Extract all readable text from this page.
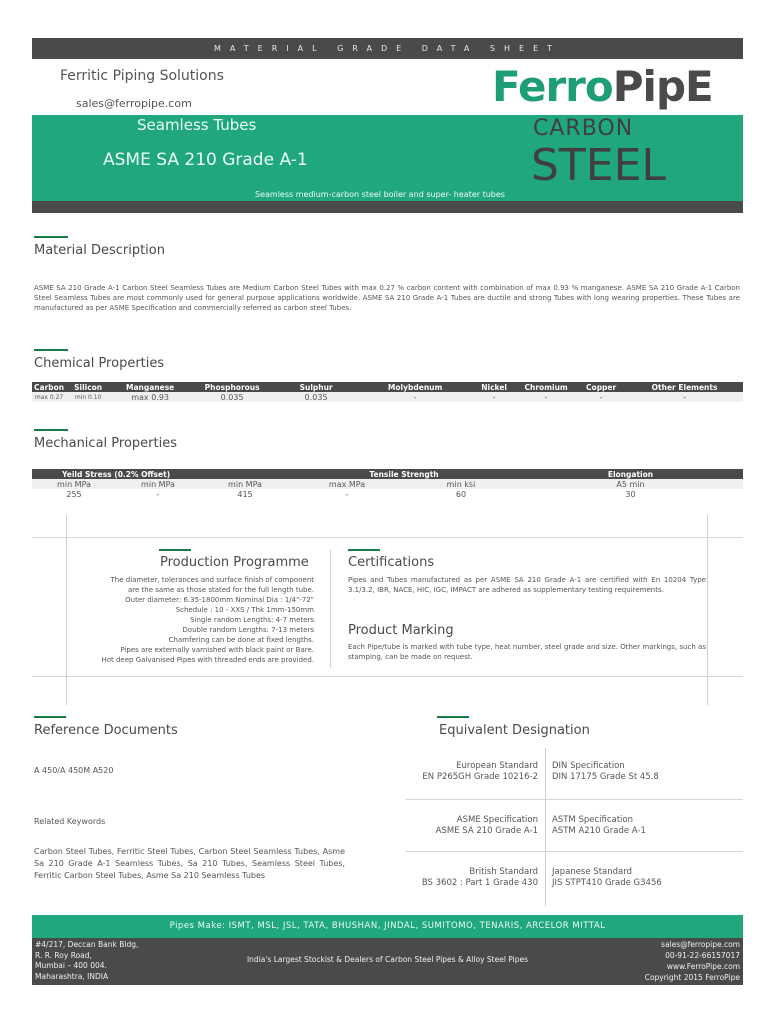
MATERIAL GRADE DATA SHEET
Ferritic Piping Solutions
sales@ferropipe.com	FerroPipE
Seamless Tubes
ASME SA 210 Grade A-1
Seamless medium-carbon steel boiler and super- heater tubes
CARBON
STEEL
Material Description
ASME SA 210 Grade A-1 Carbon Steel Seamless Tubes are Medium Carbon Steel Tubes with max 0.27 % carbon content with combination of max 0.93 % manganese. ASME SA 210 Grade A-1 Carbon Steel Seamless Tubes are most commonly used for general purpose applications worldwide. ASME SA 210 Grade A-1 Tubes are ductile and strong Tubes with long wearing properties. These Tubes are manufactured as per ASME Specification and commercially referred as carbon steel Tubes.
Chemical Properties
Carbon	Silicon	Manganese	Phosphorous	Sulphur	Molybdenum	Nickel	Chromium	Copper	Other Elements
max 0.27	min 0.10	max 0.93	0.035	0.035	-	-	-	-	-
Mechanical Properties
Yeild Stress (0.2% Offset)			Tensile Strength		Elongation
min MPa	min MPa	min MPa	max MPa	min ksi	A5 min
255	-	415	-	60	30
Production Programme
The diameter, tolerances and surface finish of component
are the same as those stated for the full length tube.
Outer diameter: 6.35-1800mm Nominal Dia : 1/4"-72"
Schedule : 10 - XXS / Thk 1mm-150mm
Single random Lengths: 4-7 meters
Double random Lengths: 7-13 meters
Chamfering can be done at fixed lengths.
Pipes are externally varnished with black paint or Bare.
Hot deep Galvanised Pipes with threaded ends are provided.
Certifications
Pipes and Tubes manufactured as per ASME SA 210 Grade A-1 are certified with En 10204 Type 3.1/3.2, IBR, NACE, HIC, IGC, IMPACT are adhered as supplementary testing requirements.
Product Marking
Each Pipe/tube is marked with tube type, heat number, steel grade and size. Other markings, such as stamping, can be made on request.
Reference Documents
A 450/A 450M A520
Related Keywords
Carbon Steel Tubes, Ferritic Steel Tubes, Carbon Steel Seamless Tubes, Asme Sa 210 Grade A-1 Seamless Tubes, Sa 210 Tubes, Seamless Steel Tubes, Ferritic Carbon Steel Tubes, Asme Sa 210 Seamless Tubes
Equivalent Designation
European Standard
EN P265GH Grade 10216-2
DIN Specification
DIN 17175 Grade St 45.8
ASME Specification
ASME SA 210 Grade A-1
ASTM Specification
ASTM A210 Grade A-1
British Standard
BS 3602 : Part 1 Grade 430
Japanese Standard
JIS STPT410 Grade G3456
Pipes Make: ISMT, MSL, JSL, TATA, BHUSHAN, JINDAL, SUMITOMO, TENARIS, ARCELOR MITTAL
#4/217, Deccan Bank Bldg,
R. R. Roy Road,
Mumbai – 400 004.
Maharashtra, INDIA
India's Largest Stockist & Dealers of Carbon Steel Pipes & Alloy Steel Pipes
sales@ferropipe.com
00-91-22-66157017
www.FerroPipe.com
Copyright 2015 FerroPipe
